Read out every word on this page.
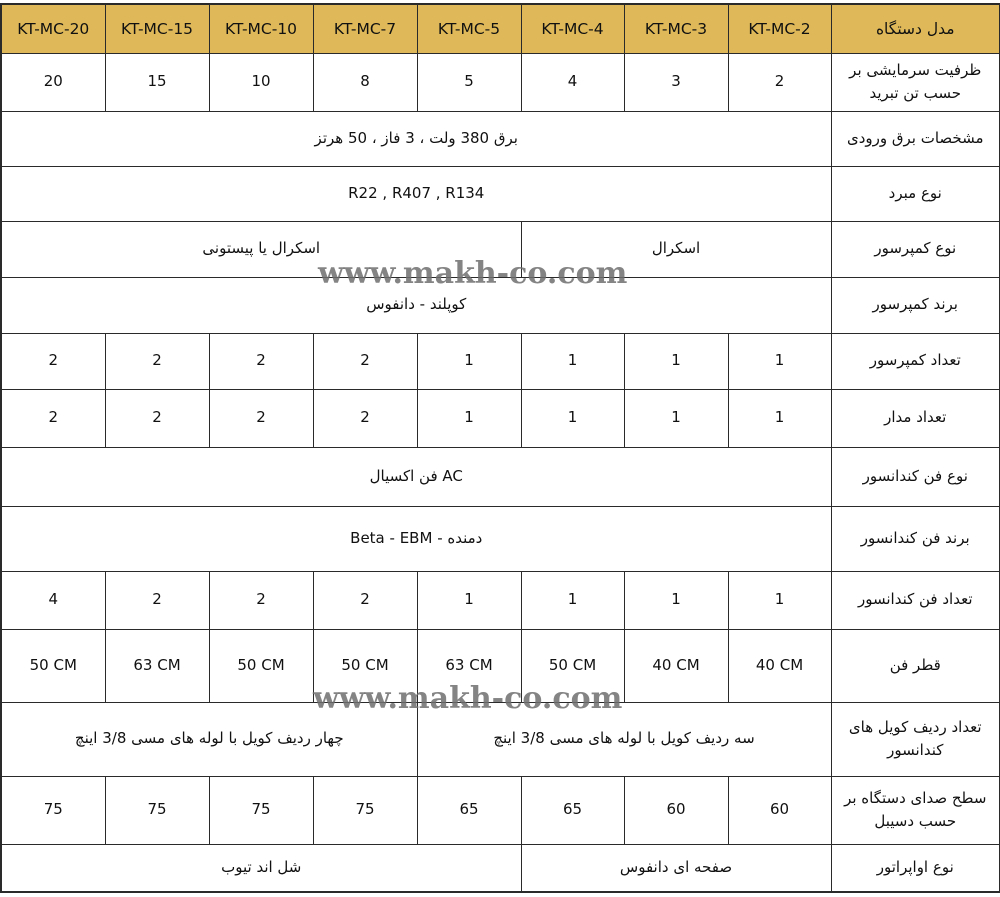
KT-MC-20	KT-MC-15	KT-MC-10	KT-MC-7	KT-MC-5	KT-MC-4	KT-MC-3	KT-MC-2	مدل دستگاه
20	15	10	8	5	4	3	2	ظرفیت سرمایشی بر حسب تن تبرید
برق 380 ولت ، 3 فاز ، 50 هرتز								مشخصات برق ورودی
R22 , R407 , R134								نوع مبرد
اسکرال یا پیستونی					اسکرال			نوع کمپرسور
کوپلند - دانفوس								برند کمپرسور
2	2	2	2	1	1	1	1	تعداد کمپرسور
2	2	2	2	1	1	1	1	تعداد مدار
AC فن اکسیال								نوع فن کندانسور
دمنده - Beta - EBM								برند فن کندانسور
4	2	2	2	1	1	1	1	تعداد فن کندانسور
50 CM	63 CM	50 CM	50 CM	63 CM	50 CM	40 CM	40 CM	قطر فن
چهار ردیف کویل با لوله های مسی 3/8 اینچ				سه ردیف کویل با لوله های مسی 3/8 اینچ				تعداد ردیف کویل های کندانسور
75	75	75	75	65	65	60	60	سطح صدای دستگاه بر حسب دسیبل
شل اند تیوب					صفحه ای دانفوس			نوع اواپراتور
www.makh-co.com
www.makh-co.com
